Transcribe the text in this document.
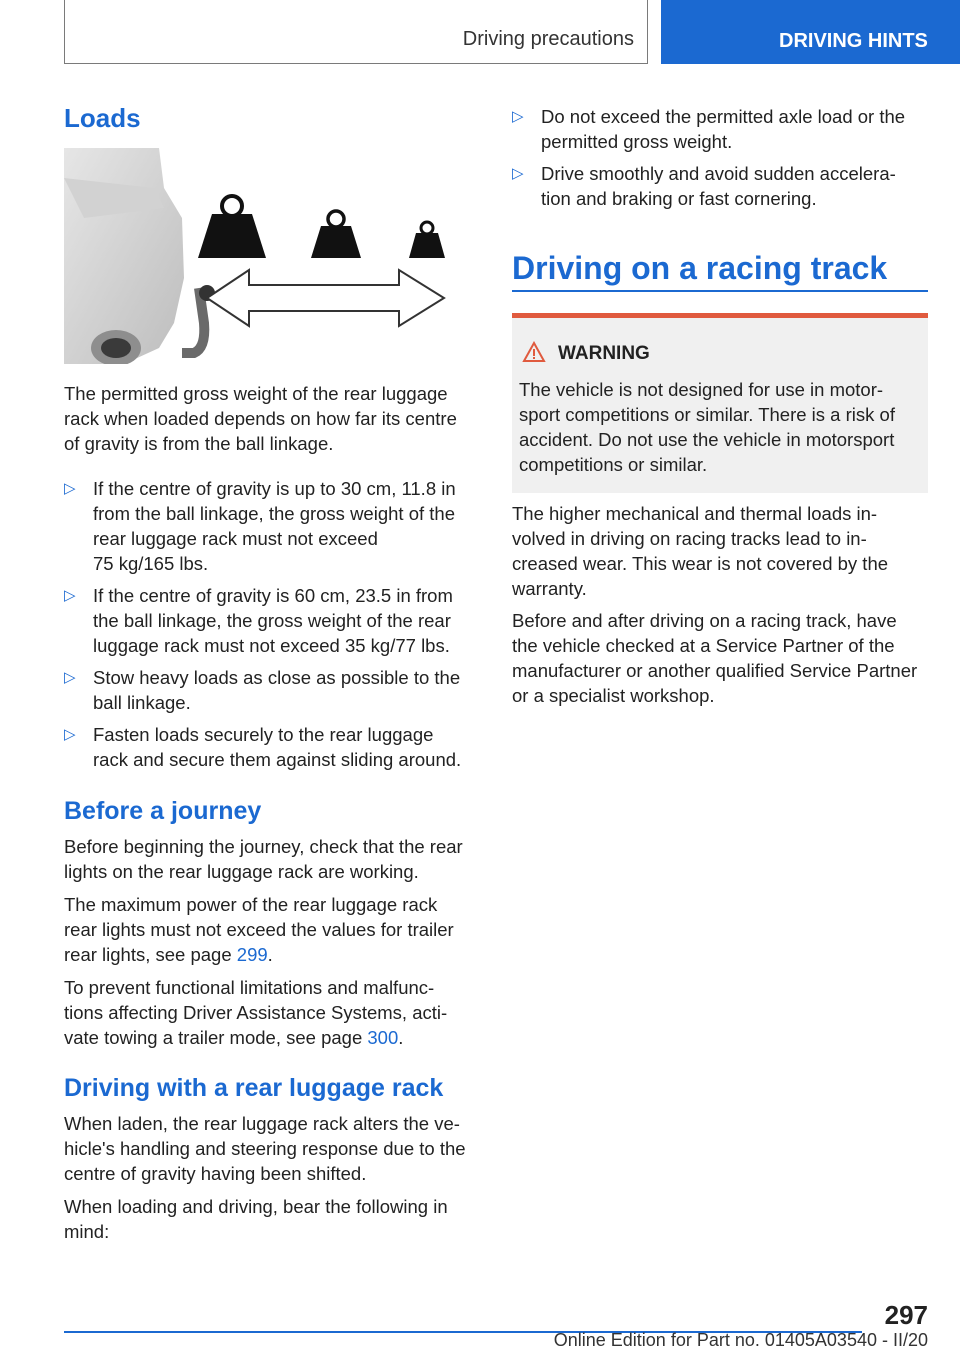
Driving precautions	DRIVING HINTS
Loads

The permitted gross weight of the rear luggage

rack when loaded depends on how far its centre

of gravity is from the ball linkage.

▷ If the centre of gravity is up to 30 cm, 11.8 in
from the ball linkage, the gross weight of the
rear luggage rack must not exceed
75 kg/165 lbs.
▷ If the centre of gravity is 60 cm, 23.5 in from
the ball linkage, the gross weight of the rear
luggage rack must not exceed 35 kg/77 lbs.
▷ Stow heavy loads as close as possible to the
ball linkage.
▷ Fasten loads securely to the rear luggage
rack and secure them against sliding around.
Before a journey

Before beginning the journey, check that the rear

lights on the rear luggage rack are working.

The maximum power of the rear luggage rack

rear lights must not exceed the values for trailer

rear lights, see page 299.

To prevent functional limitations and malfunc-

tions affecting Driver Assistance Systems, acti-

vate towing a trailer mode, see page 300.

Driving with a rear luggage rack

When laden, the rear luggage rack alters the ve-

hicle's handling and steering response due to the

centre of gravity having been shifted.

When loading and driving, bear the following in

mind:

▷ Do not exceed the permitted axle load or the
permitted gross weight.
▷ Drive smoothly and avoid sudden accelera-
tion and braking or fast cornering.
Driving on a racing track
WARNING
The vehicle is not designed for use in motor-
sport competitions or similar. There is a risk of
accident. Do not use the vehicle in motorsport
competitions or similar.

The higher mechanical and thermal loads in-

volved in driving on racing tracks lead to in-

creased wear. This wear is not covered by the

warranty.

Before and after driving on a racing track, have

the vehicle checked at a Service Partner of the

manufacturer or another qualified Service Partner

or a specialist workshop.

297
Online Edition for Part no. 01405A03540 - II/20
